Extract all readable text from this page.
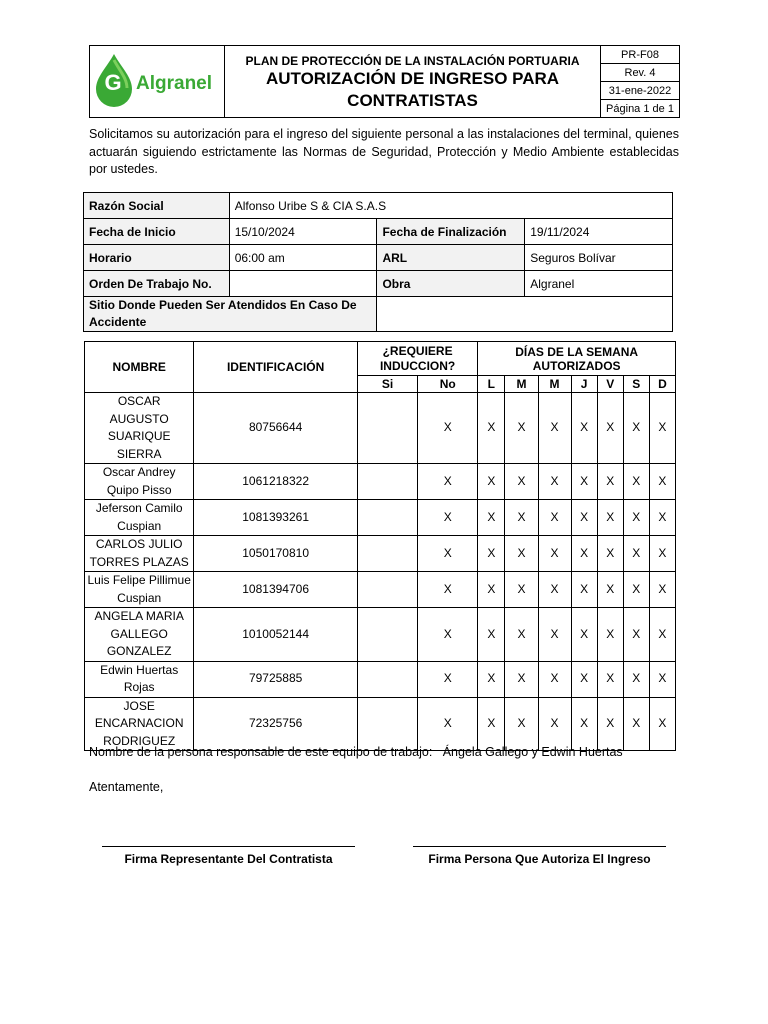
G Algranel

PLAN DE PROTECCIÓN DE LA INSTALACIÓN PORTUARIA
AUTORIZACIÓN DE INGRESO PARA CONTRATISTAS
	PR-F08
Rev. 4
31-ene-2022
Página 1 de 1
Solicitamos su autorización para el ingreso del siguiente personal a las instalaciones del terminal, quienes actuarán siguiendo estrictamente las Normas de Seguridad, Protección y Medio Ambiente establecidas por ustedes.
Razón Social	Alfonso Uribe S & CIA S.A.S		
Fecha de Inicio	15/10/2024	Fecha de Finalización	19/11/2024
Horario	06:00 am	ARL	Seguros Bolívar
Orden De Trabajo No.		Obra	Algranel
Sitio Donde Pueden Ser Atendidos En Caso De Accidente			
NOMBRE	IDENTIFICACIÓN	¿REQUIERE INDUCCION?		DÍAS DE LA SEMANA AUTORIZADOS						
		Si	No	L	M	M	J	V	S	D
OSCAR AUGUSTO SUARIQUE SIERRA	80756644		X	X	X	X	X	X	X	X
Oscar Andrey Quipo Pisso	1061218322		X	X	X	X	X	X	X	X
Jeferson Camilo Cuspian	1081393261		X	X	X	X	X	X	X	X
CARLOS JULIO TORRES PLAZAS	1050170810		X	X	X	X	X	X	X	X
Luis Felipe Pillimue Cuspian	1081394706		X	X	X	X	X	X	X	X
ANGELA MARIA GALLEGO GONZALEZ	1010052144		X	X	X	X	X	X	X	X
Edwin Huertas Rojas	79725885		X	X	X	X	X	X	X	X
JOSE ENCARNACION RODRIGUEZ	72325756		X	X	X	X	X	X	X	X
Nombre de la persona responsable de este equipo de trabajo: Ángela Gallego y Edwin Huertas
Atentamente,
Firma Representante Del Contratista	Firma Persona Que Autoriza El Ingreso
